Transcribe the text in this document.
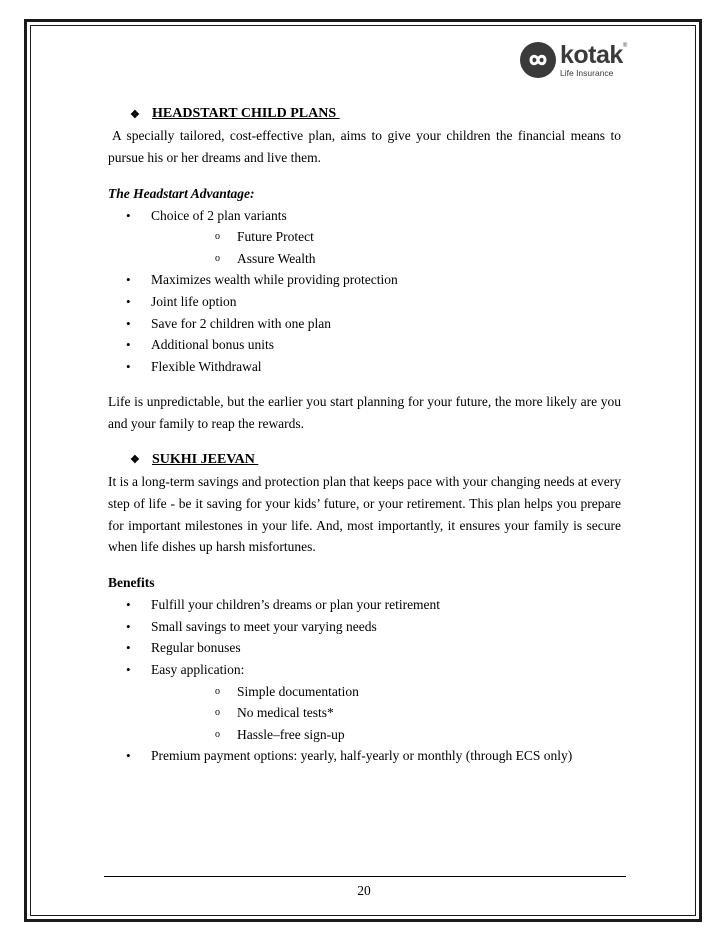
kotak®
Life Insurance
❖ HEADSTART CHILD PLANS

A specially tailored, cost-effective plan, aims to give your children the financial means to pursue his or her dreams and live them.

The Headstart Advantage:
• Choice of 2 plan variants
o Future Protect
o Assure Wealth
• Maximizes wealth while providing protection
• Joint life option
• Save for 2 children with one plan
• Additional bonus units
• Flexible Withdrawal

Life is unpredictable, but the earlier you start planning for your future, the more likely are you and your family to reap the rewards.

❖ SUKHI JEEVAN

It is a long-term savings and protection plan that keeps pace with your changing needs at every step of life - be it saving for your kids’ future, or your retirement. This plan helps you prepare for important milestones in your life. And, most importantly, it ensures your family is secure when life dishes up harsh misfortunes.

Benefits
• Fulfill your children’s dreams or plan your retirement
• Small savings to meet your varying needs
• Regular bonuses
• Easy application:
o Simple documentation
o No medical tests*
o Hassle–free sign-up
• Premium payment options: yearly, half-yearly or monthly (through ECS only)
20
